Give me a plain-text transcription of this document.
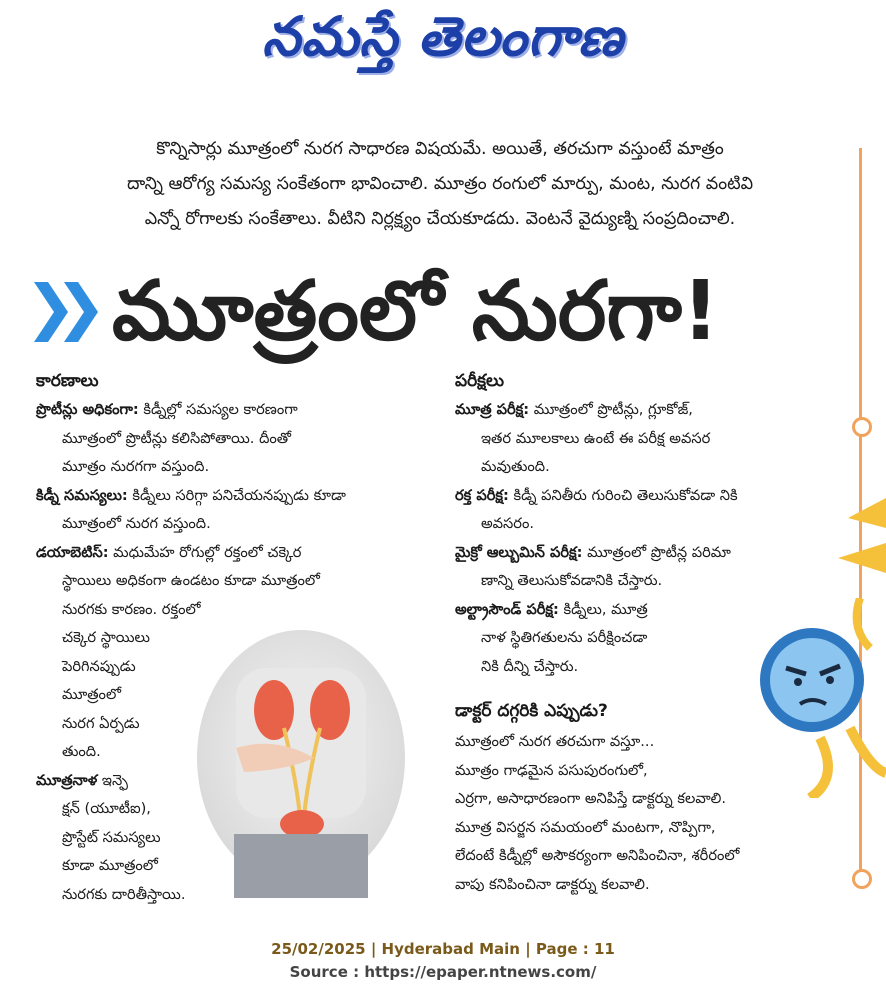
నమస్తే తెలంగాణ
కొన్నిసార్లు మూత్రంలో నురగ సాధారణ విషయమే. అయితే, తరచుగా వస్తుంటే మాత్రం
దాన్ని ఆరోగ్య సమస్య సంకేతంగా భావించాలి. మూత్రం రంగులో మార్పు, మంట, నురగ వంటివి
ఎన్నో రోగాలకు సంకేతాలు. వీటిని నిర్లక్ష్యం చేయకూడదు. వెంటనే వైద్యుణ్ని సంప్రదించాలి.
మూత్రంలో నురగా!
కారణాలు
ప్రొటీన్లు అధికంగా: కిడ్నీల్లో సమస్యల కారణంగా
మూత్రంలో ప్రొటీన్లు కలిసిపోతాయి. దీంతో
మూత్రం నురగగా వస్తుంది.
కిడ్నీ సమస్యలు: కిడ్నీలు సరిగ్గా పనిచేయనప్పుడు కూడా
మూత్రంలో నురగ వస్తుంది.
డయాబెటిస్: మధుమేహ రోగుల్లో రక్తంలో చక్కెర
స్థాయిలు అధికంగా ఉండటం కూడా మూత్రంలో
నురగకు కారణం. రక్తంలో
చక్కెర స్థాయిలు
పెరిగినప్పుడు
మూత్రంలో
నురగ ఏర్పడు
తుంది.
మూత్రనాళ ఇన్ఫె
క్షన్ (యూటీఐ),
ప్రొస్టేట్ సమస్యలు
కూడా మూత్రంలో
నురగకు దారితీస్తాయి.
పరీక్షలు
మూత్ర పరీక్ష: మూత్రంలో ప్రొటీన్లు, గ్లూకోజ్,
ఇతర మూలకాలు ఉంటే ఈ పరీక్ష అవసర
మవుతుంది.
రక్త పరీక్ష: కిడ్నీ పనితీరు గురించి తెలుసుకోవడా నికి
అవసరం.
మైక్రో ఆల్బుమిన్ పరీక్ష: మూత్రంలో ప్రొటీన్ల పరిమా
ణాన్ని తెలుసుకోవడానికి చేస్తారు.
అల్ట్రాసౌండ్ పరీక్ష: కిడ్నీలు, మూత్ర
నాళ స్థితిగతులను పరీక్షించడా
నికి దీన్ని చేస్తారు.
డాక్టర్ దగ్గరికి ఎప్పుడు?
మూత్రంలో నురగ తరచుగా వస్తూ...
మూత్రం గాఢమైన పసుపురంగులో,
ఎర్రగా, అసాధారణంగా అనిపిస్తే డాక్టర్ను కలవాలి.
మూత్ర విసర్జన సమయంలో మంటగా, నొప్పిగా,
లేదంటే కిడ్నీల్లో అసౌకర్యంగా అనిపించినా, శరీరంలో
వాపు కనిపించినా డాక్టర్ను కలవాలి.
25/02/2025 | Hyderabad Main | Page : 11
Source : https://epaper.ntnews.com/
